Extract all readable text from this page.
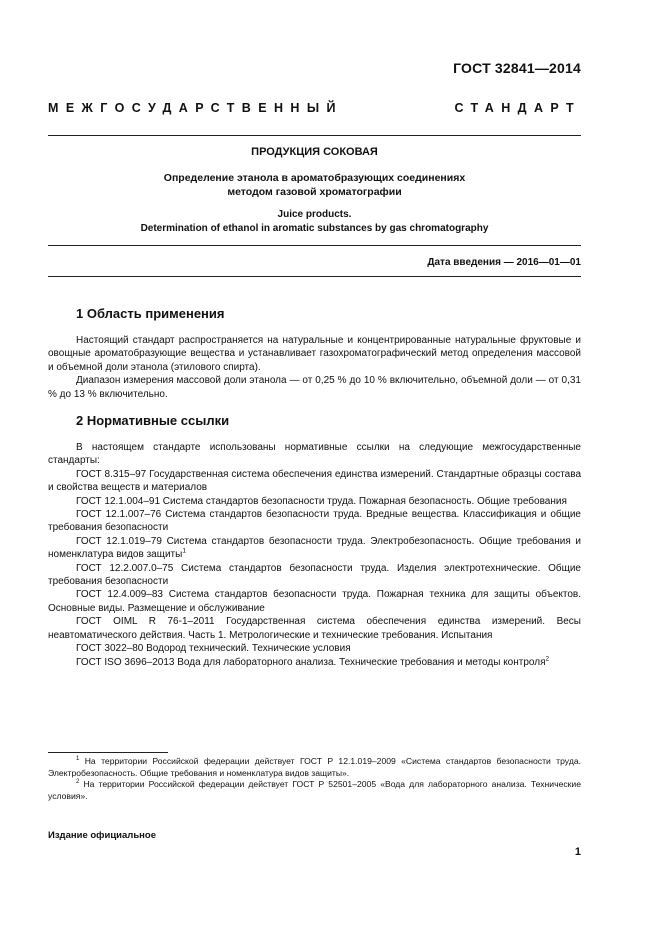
ГОСТ 32841—2014
МЕЖГОСУДАРСТВЕННЫЙ	СТАНДАРТ
ПРОДУКЦИЯ СОКОВАЯ
Определение этанола в ароматобразующих соединениях
методом газовой хроматографии
Juice products.
Determination of ethanol in aromatic substances by gas chromatography
Дата введения — 2016—01—01
1 Область применения

Настоящий стандарт распространяется на натуральные и концентрированные натуральные фруктовые и овощные ароматобразующие вещества и устанавливает газохроматографический метод определения массовой и объемной доли этанола (этилового спирта).

Диапазон измерения массовой доли этанола — от 0,25 % до 10 % включительно, объемной доли — от 0,31 % до 13 % включительно.

2 Нормативные ссылки

В настоящем стандарте использованы нормативные ссылки на следующие межгосударственные стандарты:

ГОСТ 8.315–97 Государственная система обеспечения единства измерений. Стандартные образцы состава и свойства веществ и материалов

ГОСТ 12.1.004–91 Система стандартов безопасности труда. Пожарная безопасность. Общие требования

ГОСТ 12.1.007–76 Система стандартов безопасности труда. Вредные вещества. Классификация и общие требования безопасности

ГОСТ 12.1.019–79 Система стандартов безопасности труда. Электробезопасность. Общие требования и номенклатура видов защиты$^1$

ГОСТ 12.2.007.0–75 Система стандартов безопасности труда. Изделия электротехнические. Общие требования безопасности

ГОСТ 12.4.009–83 Система стандартов безопасности труда. Пожарная техника для защиты объектов. Основные виды. Размещение и обслуживание

ГОСТ OIML R 76-1–2011 Государственная система обеспечения единства измерений. Весы неавтоматического действия. Часть 1. Метрологические и технические требования. Испытания

ГОСТ 3022–80 Водород технический. Технические условия

ГОСТ ISO 3696–2013 Вода для лабораторного анализа. Технические требования и методы контроля$^2$

$^1$ На территории Российской федерации действует ГОСТ Р 12.1.019–2009 «Система стандартов безопасности труда. Электробезопасность. Общие требования и номенклатура видов защиты».

$^2$ На территории Российской федерации действует ГОСТ Р 52501–2005 «Вода для лабораторного анализа. Технические условия».

Издание официальное
1
